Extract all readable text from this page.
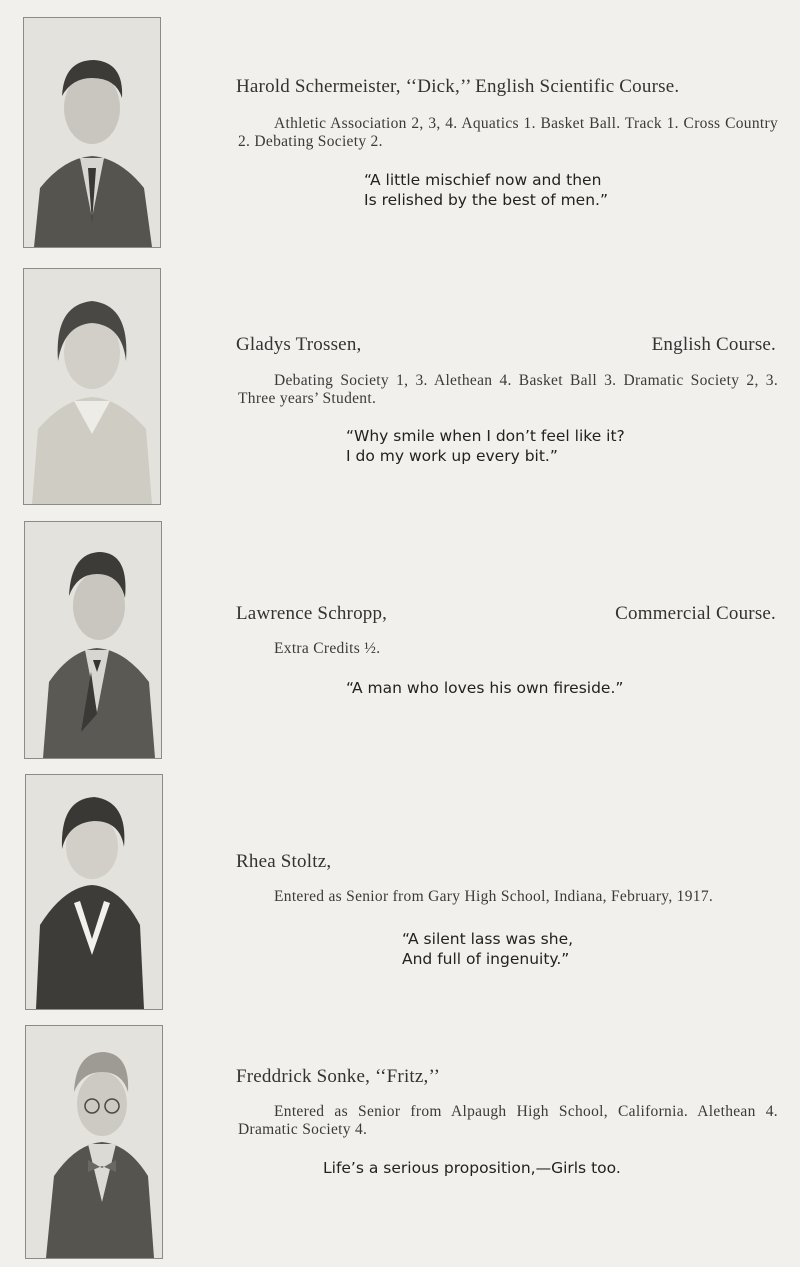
Harold Schermeister, ‘‘Dick,’’ English Scientific Course.
Athletic Association 2, 3, 4. Aquatics 1. Basket Ball. Track 1. Cross Country 2. Debating Society 2.
“A little mischief now and then
Is relished by the best of men.”
Gladys Trossen,	English Course.
Debating Society 1, 3. Alethean 4. Basket Ball 3. Dramatic Society 2, 3. Three years’ Student.
“Why smile when I don’t feel like it?
I do my work up every bit.”
Lawrence Schropp,	Commercial Course.
Extra Credits ½.
“A man who loves his own fireside.”
Rhea Stoltz,
Entered as Senior from Gary High School, Indiana, February, 1917.
“A silent lass was she,
And full of ingenuity.”
Freddrick Sonke, ‘‘Fritz,’’
Entered as Senior from Alpaugh High School, California. Alethean 4. Dramatic Society 4.
Life’s a serious proposition,—Girls too.
